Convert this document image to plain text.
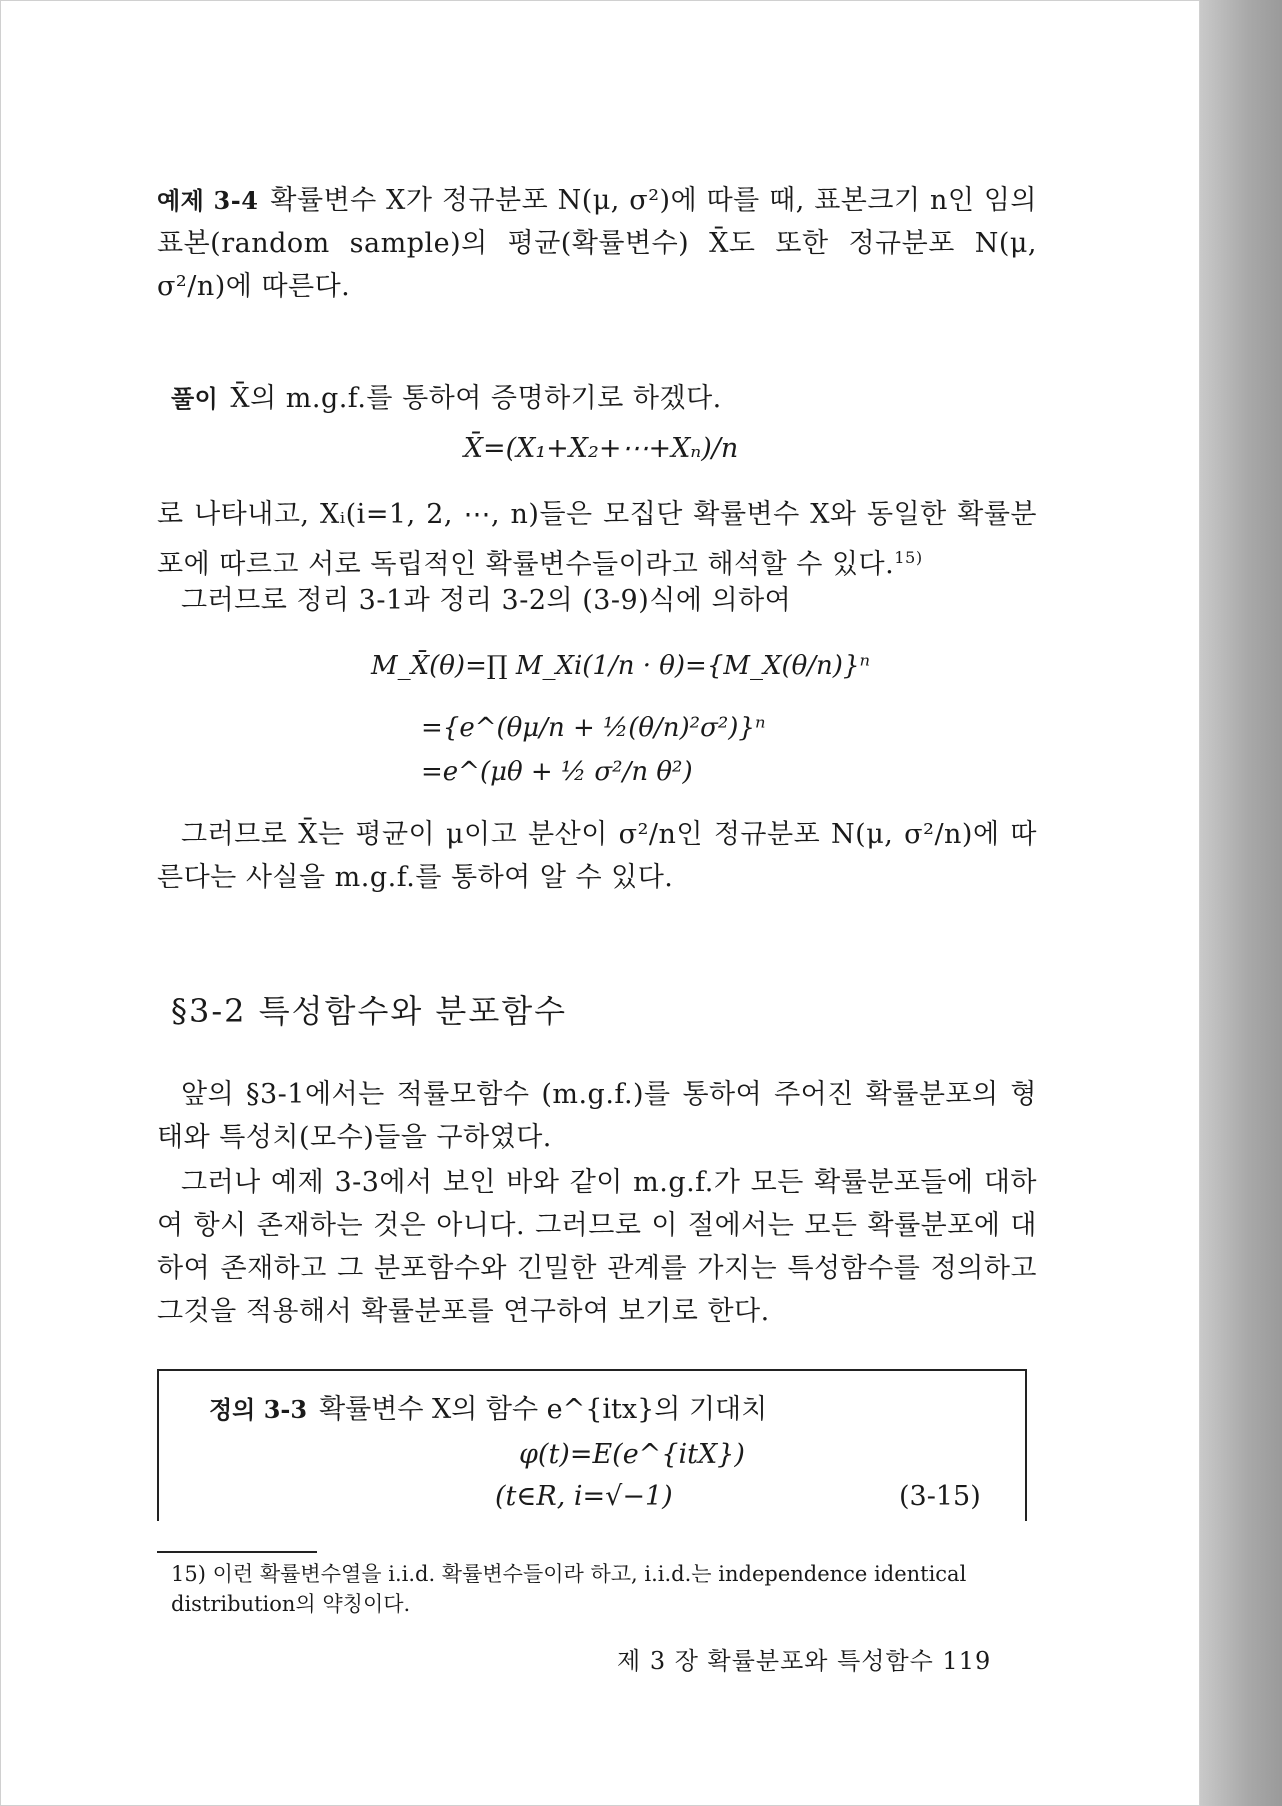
예제 3-4 확률변수 X가 정규분포 N(μ, σ²)에 따를 때, 표본크기 n인 임의표본(random sample)의 평균(확률변수) X̄도 또한 정규분포 N(μ, σ²/n)에 따른다.
풀이 X̄의 m.g.f.를 통하여 증명하기로 하겠다.
X̄=(X₁+X₂+⋯+Xₙ)/n
로 나타내고, Xᵢ(i=1, 2, ⋯, n)들은 모집단 확률변수 X와 동일한 확률분포에 따르고 서로 독립적인 확률변수들이라고 해석할 수 있다.$^{15)}$
그러므로 정리 3-1과 정리 3-2의 (3-9)식에 의하여
M_X̄(θ)=∏ M_Xi(1/n · θ)={M_X(θ/n)}ⁿ
={e^(θμ/n + ½(θ/n)²σ²)}ⁿ
=e^(μθ + ½ σ²/n θ²)
그러므로 X̄는 평균이 μ이고 분산이 σ²/n인 정규분포 N(μ, σ²/n)에 따른다는 사실을 m.g.f.를 통하여 알 수 있다.
§3-2 특성함수와 분포함수
앞의 §3-1에서는 적률모함수 (m.g.f.)를 통하여 주어진 확률분포의 형태와 특성치(모수)들을 구하였다.
그러나 예제 3-3에서 보인 바와 같이 m.g.f.가 모든 확률분포들에 대하여 항시 존재하는 것은 아니다. 그러므로 이 절에서는 모든 확률분포에 대하여 존재하고 그 분포함수와 긴밀한 관계를 가지는 특성함수를 정의하고 그것을 적용해서 확률분포를 연구하여 보기로 한다.
정의 3-3 확률변수 X의 함수 e^{itx}의 기대치
φ(t)=E(e^{itX})
(t∈R, i=√−1)	(3-15)
15) 이런 확률변수열을 i.i.d. 확률변수들이라 하고, i.i.d.는 independence identical distribution의 약칭이다.
제 3 장 확률분포와 특성함수 119
